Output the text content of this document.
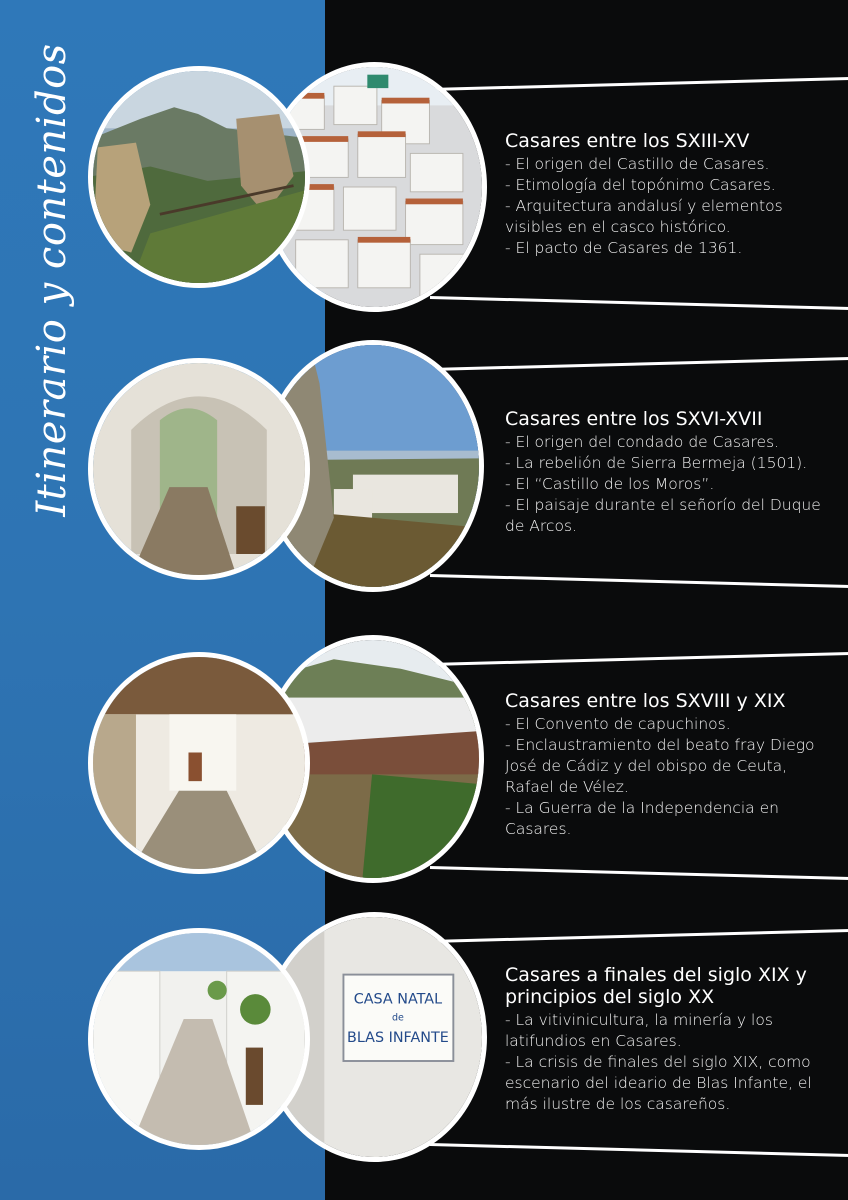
Itinerario y contenidos
CASA NATAL
de
BLAS INFANTE
Casares entre los SXIII-XV
- El origen del Castillo de Casares.
- Etimología del topónimo Casares.
- Arquitectura andalusí y elementos visibles en el casco histórico.
- El pacto de Casares de 1361.
Casares entre los SXVI-XVII
- El origen del condado de Casares.
- La rebelión de Sierra Bermeja (1501).
- El “Castillo de los Moros”.
- El paisaje durante el señorío del Duque de Arcos.
Casares entre los SXVIII y XIX
- El Convento de capuchinos.
- Enclaustramiento del beato fray Diego José de Cádiz y del obispo de Ceuta, Rafael de Vélez.
- La Guerra de la Independencia en Casares.
Casares a finales del siglo XIX y principios del siglo XX
- La vitivinicultura, la minería y los latifundios en Casares.
- La crisis de finales del siglo XIX, como escenario del ideario de Blas Infante, el más ilustre de los casareños.
